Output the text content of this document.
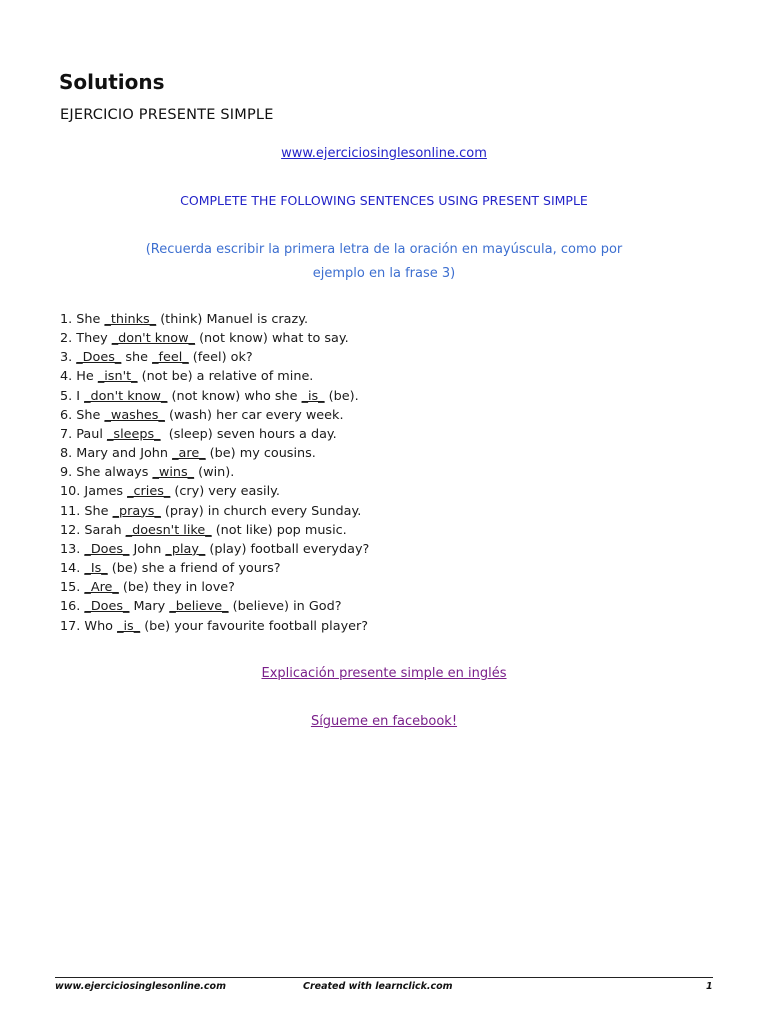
Solutions
EJERCICIO PRESENTE SIMPLE
www.ejerciciosinglesonline.com
COMPLETE THE FOLLOWING SENTENCES USING PRESENT SIMPLE
(Recuerda escribir la primera letra de la oración en mayúscula, como por
ejemplo en la frase 3)
1. She _thinks_ (think) Manuel is crazy.
2. They _don't know_ (not know) what to say.
3. _Does_ she _feel_ (feel) ok?
4. He _isn't_ (not be) a relative of mine.
5. I _don't know_ (not know) who she _is_ (be).
6. She _washes_ (wash) her car every week.
7. Paul _sleeps_  (sleep) seven hours a day.
8. Mary and John _are_ (be) my cousins.
9. She always _wins_ (win).
10. James _cries_ (cry) very easily.
11. She _prays_ (pray) in church every Sunday.
12. Sarah _doesn't like_ (not like) pop music.
13. _Does_ John _play_ (play) football everyday?
14. _Is_ (be) she a friend of yours?
15. _Are_ (be) they in love?
16. _Does_ Mary _believe_ (believe) in God?
17. Who _is_ (be) your favourite football player?
Explicación presente simple en inglés
Sígueme en facebook!
www.ejerciciosinglesonline.com	Created with learnclick.com	1
